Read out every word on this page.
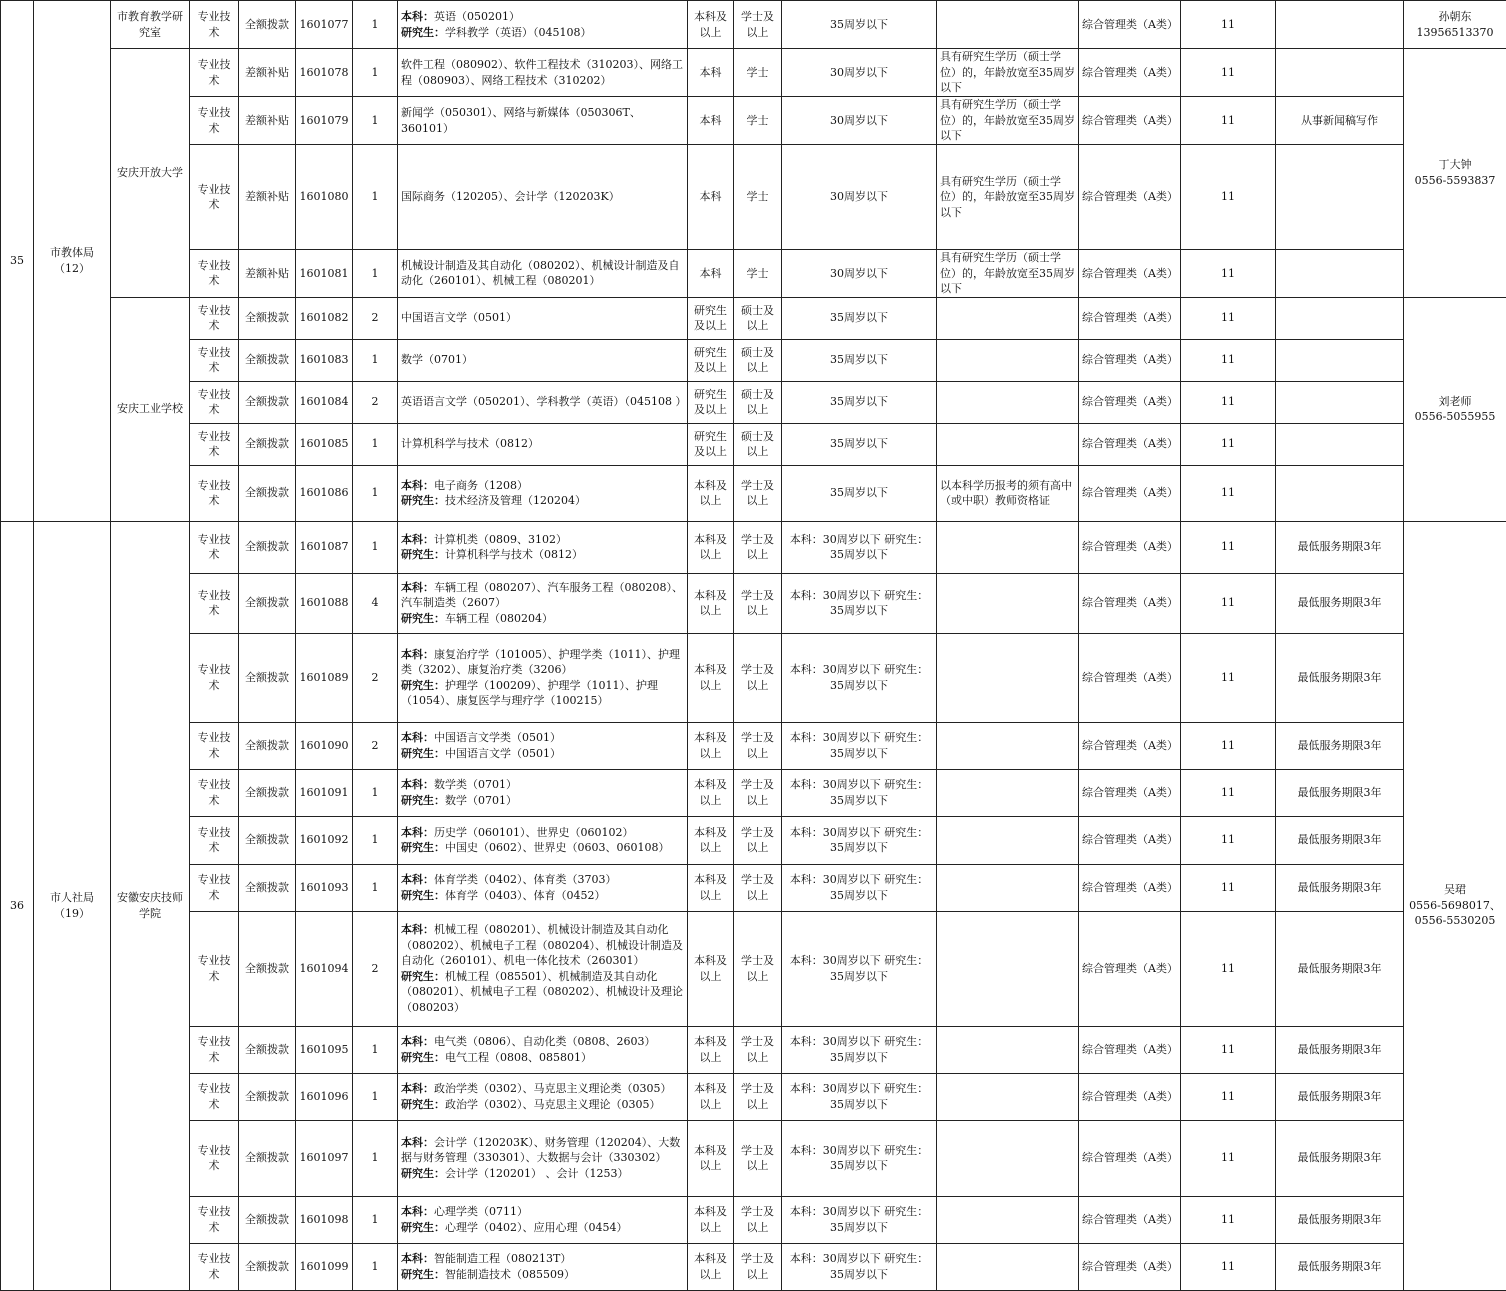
35	市教体局（12）	市教育教学研究室	专业技术	全额拨款	1601077	1	本科：英语（050201）
研究生：学科教学（英语）（045108）	本科及以上	学士及以上	35周岁以下		综合管理类（A类）	11		孙朝东
13956513370

		安庆开放大学	专业技术	差额补贴	1601078	1	软件工程（080902）、软件工程技术（310203）、网络工程（080903）、网络工程技术（310202）	本科	学士	30周岁以下	具有研究生学历（硕士学位）的，年龄放宽至35周岁以下	综合管理类（A类）	11		丁大钟
0556-5593837

			专业技术	差额补贴	1601079	1	新闻学（050301）、网络与新媒体（050306T、360101）	本科	学士	30周岁以下	具有研究生学历（硕士学位）的，年龄放宽至35周岁以下	综合管理类（A类）	11	从事新闻稿写作	
			专业技术	差额补贴	1601080	1	国际商务（120205）、会计学（120203K）	本科	学士	30周岁以下	具有研究生学历（硕士学位）的，年龄放宽至35周岁以下	综合管理类（A类）	11		
			专业技术	差额补贴	1601081	1	机械设计制造及其自动化（080202）、机械设计制造及自动化（260101）、机械工程（080201）	本科	学士	30周岁以下	具有研究生学历（硕士学位）的，年龄放宽至35周岁以下	综合管理类（A类）	11		
		安庆工业学校	专业技术	全额拨款	1601082	2	中国语言文学（0501）	研究生及以上	硕士及以上	35周岁以下		综合管理类（A类）	11		刘老师
0556-5055955

			专业技术	全额拨款	1601083	1	数学（0701）	研究生及以上	硕士及以上	35周岁以下		综合管理类（A类）	11		
			专业技术	全额拨款	1601084	2	英语语言文学（050201）、学科教学（英语）（045108 ）	研究生及以上	硕士及以上	35周岁以下		综合管理类（A类）	11		
			专业技术	全额拨款	1601085	1	计算机科学与技术（0812）	研究生及以上	硕士及以上	35周岁以下		综合管理类（A类）	11		
			专业技术	全额拨款	1601086	1	本科：电子商务（1208）
研究生：技术经济及管理（120204）	本科及以上	学士及以上	35周岁以下	以本科学历报考的须有高中（或中职）教师资格证	综合管理类（A类）	11		
36	市人社局（19）	安徽安庆技师学院	专业技术	全额拨款	1601087	1	本科：计算机类（0809、3102）
研究生：计算机科学与技术（0812）	本科及以上	学士及以上	本科：30周岁以下 研究生：35周岁以下		综合管理类（A类）	11	最低服务期限3年	吴珺
0556-5698017、0556-5530205

			专业技术	全额拨款	1601088	4	本科：车辆工程（080207）、汽车服务工程（080208）、汽车制造类（2607）
研究生：车辆工程（080204）	本科及以上	学士及以上	本科：30周岁以下 研究生：35周岁以下		综合管理类（A类）	11	最低服务期限3年	
			专业技术	全额拨款	1601089	2	本科：康复治疗学（101005）、护理学类（1011）、护理类（3202）、康复治疗类（3206）
研究生：护理学（100209）、护理学（1011）、护理（1054）、康复医学与理疗学（100215）	本科及以上	学士及以上	本科：30周岁以下 研究生：35周岁以下		综合管理类（A类）	11	最低服务期限3年	
			专业技术	全额拨款	1601090	2	本科：中国语言文学类（0501）
研究生：中国语言文学（0501）	本科及以上	学士及以上	本科：30周岁以下 研究生：35周岁以下		综合管理类（A类）	11	最低服务期限3年	
			专业技术	全额拨款	1601091	1	本科：数学类（0701）
研究生：数学（0701）	本科及以上	学士及以上	本科：30周岁以下 研究生：35周岁以下		综合管理类（A类）	11	最低服务期限3年	
			专业技术	全额拨款	1601092	1	本科：历史学（060101）、世界史（060102）
研究生：中国史（0602）、世界史（0603、060108）	本科及以上	学士及以上	本科：30周岁以下 研究生：35周岁以下		综合管理类（A类）	11	最低服务期限3年	
			专业技术	全额拨款	1601093	1	本科：体育学类（0402）、体育类（3703）
研究生：体育学（0403）、体育（0452）	本科及以上	学士及以上	本科：30周岁以下 研究生：35周岁以下		综合管理类（A类）	11	最低服务期限3年	
			专业技术	全额拨款	1601094	2	本科：机械工程（080201）、机械设计制造及其自动化（080202）、机械电子工程（080204）、机械设计制造及自动化（260101）、机电一体化技术（260301）
研究生：机械工程（085501）、机械制造及其自动化（080201）、机械电子工程（080202）、机械设计及理论（080203）	本科及以上	学士及以上	本科：30周岁以下 研究生：35周岁以下		综合管理类（A类）	11	最低服务期限3年	
			专业技术	全额拨款	1601095	1	本科：电气类（0806）、自动化类（0808、2603）
研究生：电气工程（0808、085801）	本科及以上	学士及以上	本科：30周岁以下 研究生：35周岁以下		综合管理类（A类）	11	最低服务期限3年	
			专业技术	全额拨款	1601096	1	本科：政治学类（0302）、马克思主义理论类（0305）
研究生：政治学（0302）、马克思主义理论（0305）	本科及以上	学士及以上	本科：30周岁以下 研究生：35周岁以下		综合管理类（A类）	11	最低服务期限3年	
			专业技术	全额拨款	1601097	1	本科：会计学（120203K）、财务管理（120204）、大数据与财务管理（330301）、大数据与会计（330302）
研究生：会计学（120201） 、会计（1253）	本科及以上	学士及以上	本科：30周岁以下 研究生：35周岁以下		综合管理类（A类）	11	最低服务期限3年	
			专业技术	全额拨款	1601098	1	本科：心理学类（0711）
研究生：心理学（0402）、应用心理（0454）	本科及以上	学士及以上	本科：30周岁以下 研究生：35周岁以下		综合管理类（A类）	11	最低服务期限3年	
			专业技术	全额拨款	1601099	1	本科：智能制造工程（080213T）
研究生：智能制造技术（085509）	本科及以上	学士及以上	本科：30周岁以下 研究生：35周岁以下		综合管理类（A类）	11	最低服务期限3年	
